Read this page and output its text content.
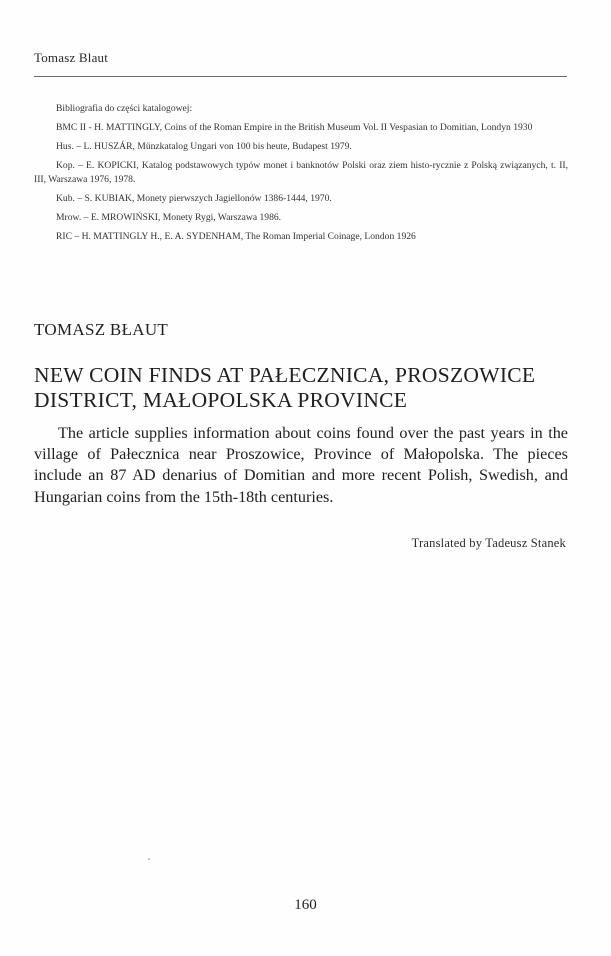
Tomasz Blaut

Bibliografia do części katalogowej:

BMC II - H. MATTINGLY, Coins of the Roman Empire in the British Museum Vol. II Vespasian to Domitian, Londyn 1930

Hus. – L. HUSZÁR, Münzkatalog Ungari von 100 bis heute, Budapest 1979.

Kop. – E. KOPICKI, Katalog podstawowych typów monet i banknotów Polski oraz ziem histo-rycznie z Polską związanych, t. II, III, Warszawa 1976, 1978.

Kub. – S. KUBIAK, Monety pierwszych Jagiellonów 1386-1444, 1970.

Mrow. – E. MROWIŃSKI, Monety Rygi, Warszawa 1986.

RIC – H. MATTINGLY H., E. A. SYDENHAM, The Roman Imperial Coinage, London 1926

TOMASZ BŁAUT
NEW COIN FINDS AT PAŁECZNICA, PROSZOWICE DISTRICT, MAŁOPOLSKA PROVINCE

The article supplies information about coins found over the past years in the village of Pałecznica near Proszowice, Province of Małopolska. The pieces include an 87 AD denarius of Domitian and more recent Polish, Swedish, and Hungarian coins from the 15th-18th centuries.

Translated by Tadeusz Stanek
160
